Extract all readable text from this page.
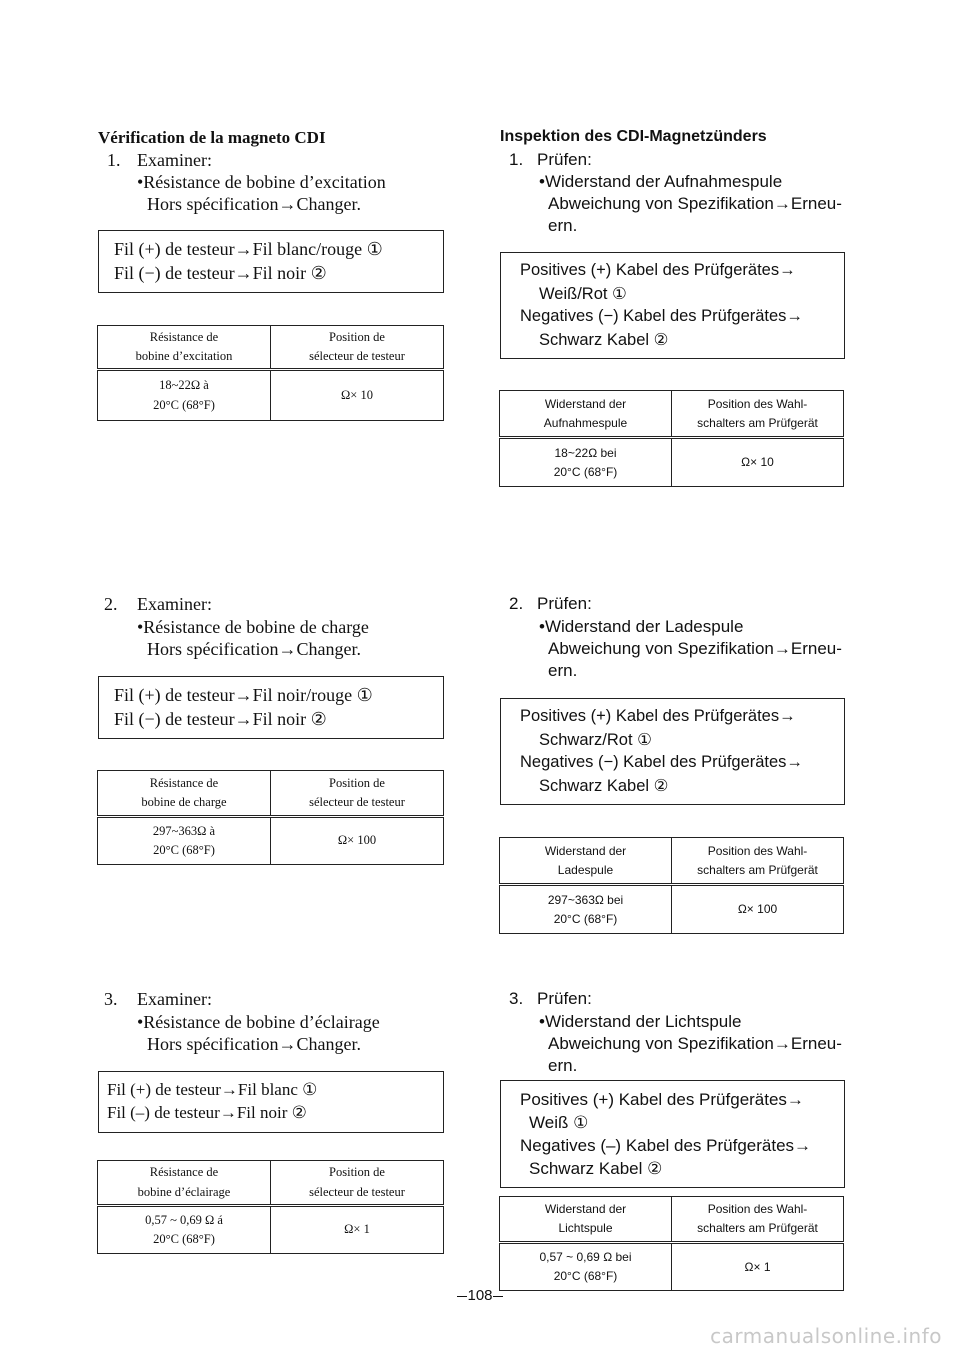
Vérification de la magneto CDI
1. Examiner:
•Résistance de bobine d’excitation
Hors spécification→Changer.
Fil (+) de testeur→Fil blanc/rouge ①
Fil (−) de testeur→Fil noir ②
Résistance de
bobine d’excitation	Position de
sélecteur de testeur

18~22Ω à
20°C (68°F)	Ω× 10
2. Examiner:
•Résistance de bobine de charge
Hors spécification→Changer.
Fil (+) de testeur→Fil noir/rouge ①
Fil (−) de testeur→Fil noir ②
Résistance de
bobine de charge	Position de
sélecteur de testeur

297~363Ω à
20°C (68°F)	Ω× 100
3. Examiner:
•Résistance de bobine d’éclairage
Hors spécification→Changer.
Fil (+) de testeur→Fil blanc ①
Fil (–) de testeur→Fil noir ②
Résistance de
bobine d’éclairage	Position de
sélecteur de testeur

0,57 ~ 0,69 Ω á
20°C (68°F)	Ω× 1
Inspektion des CDI-Magnetzünders
1. Prüfen:
•Widerstand der Aufnahmespule
Abweichung von Spezifikation→Erneu-
ern.
Positives (+) Kabel des Prüfgerätes→
Weiß/Rot ①
Negatives (−) Kabel des Prüfgerätes→
Schwarz Kabel ②
Widerstand der
Aufnahmespule	Position des Wahl-
schalters am Prüfgerät

18~22Ω bei
20°C (68°F)	Ω× 10
2. Prüfen:
•Widerstand der Ladespule
Abweichung von Spezifikation→Erneu-
ern.
Positives (+) Kabel des Prüfgerätes→
Schwarz/Rot ①
Negatives (−) Kabel des Prüfgerätes→
Schwarz Kabel ②
Widerstand der
Ladespule	Position des Wahl-
schalters am Prüfgerät

297~363Ω bei
20°C (68°F)	Ω× 100
3. Prüfen:
•Widerstand der Lichtspule
Abweichung von Spezifikation→Erneu-
ern.
Positives (+) Kabel des Prüfgerätes→
Weiß ①
Negatives (–) Kabel des Prüfgerätes→
Schwarz Kabel ②
Widerstand der
Lichtspule	Position des Wahl-
schalters am Prüfgerät

0,57 ~ 0,69 Ω bei
20°C (68°F)	Ω× 1
108
carmanualsonline.info
